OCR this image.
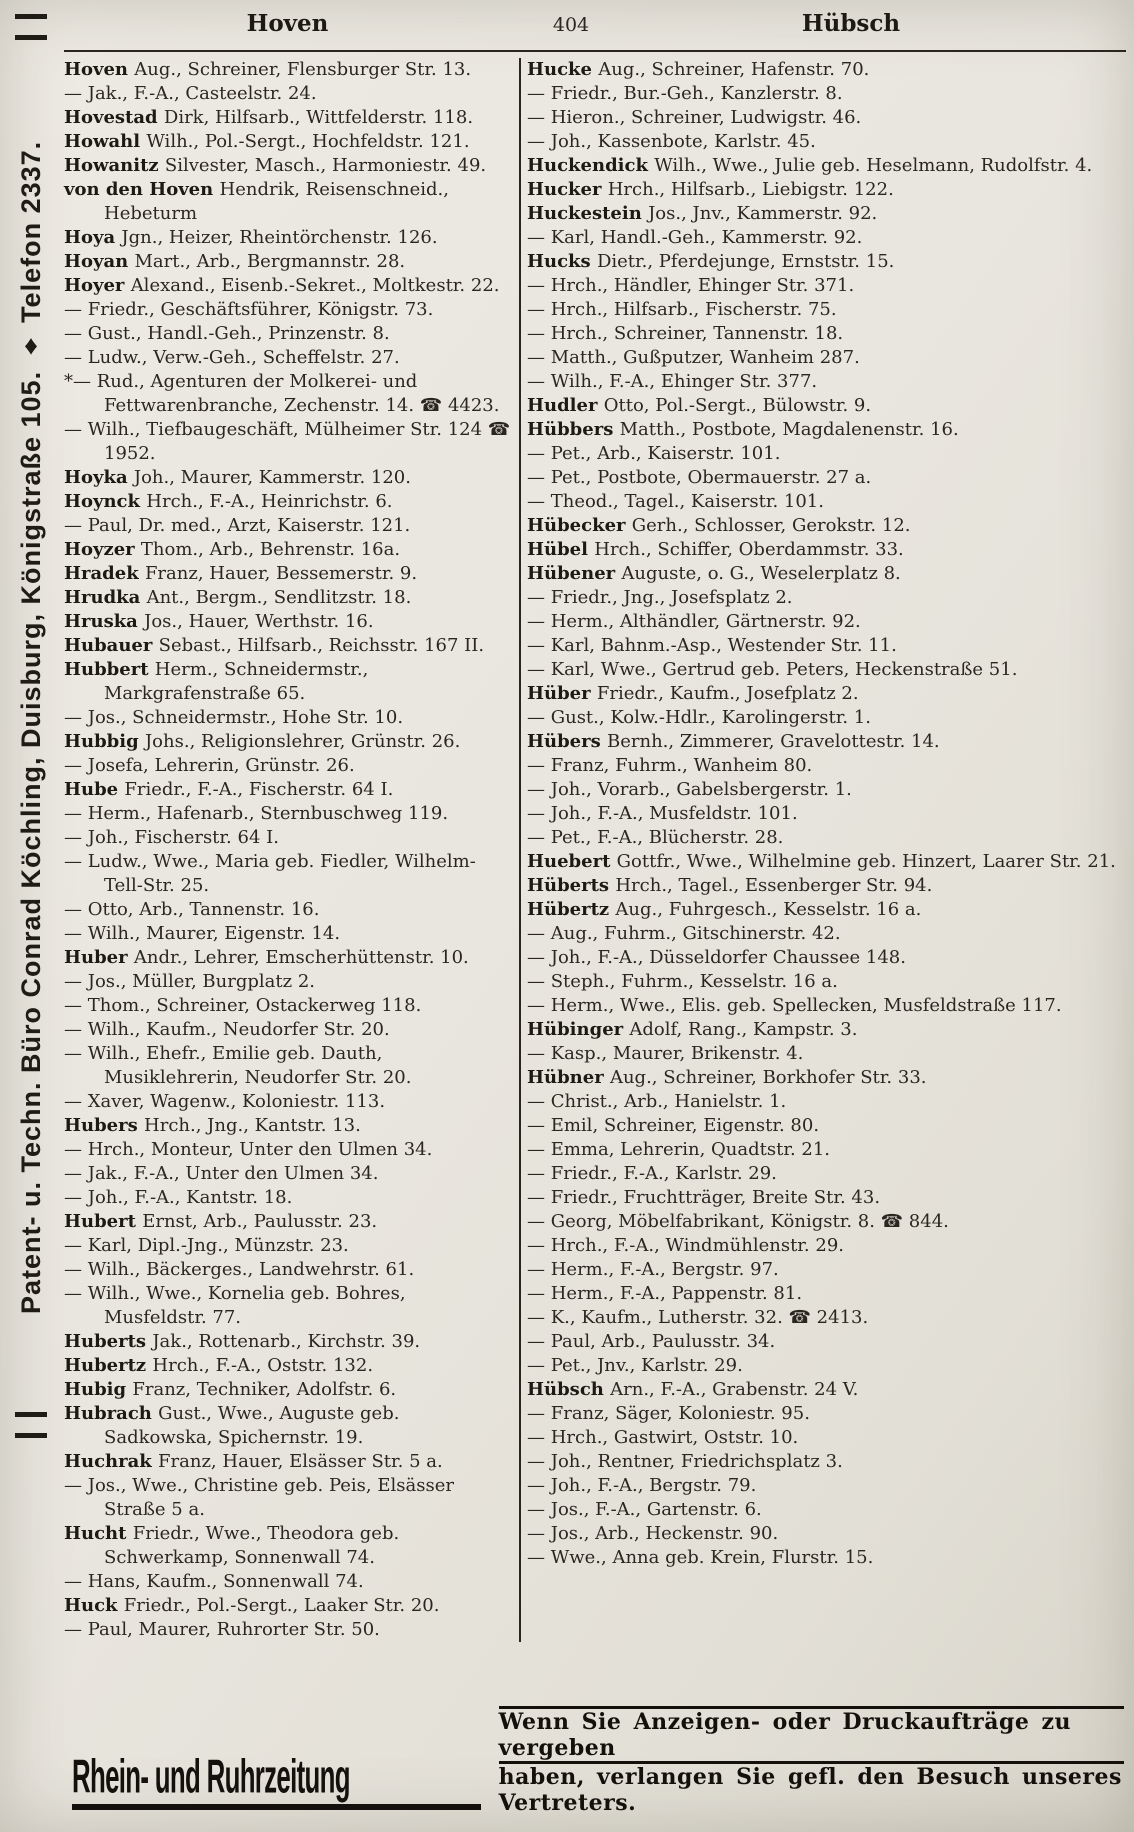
Patent- u. Techn. Büro Conrad Köchling, Duisburg, Königstraße 105. ♦ Telefon 2337.
Hoven	404	Hübsch
Hoven Aug., Schreiner, Flensburger Str. 13.
— Jak., F.-A., Casteelstr. 24.
Hovestad Dirk, Hilfsarb., Wittfelderstr. 118.
Howahl Wilh., Pol.-Sergt., Hochfeldstr. 121.
Howanitz Silvester, Masch., Harmoniestr. 49.
von den Hoven Hendrik, Reisenschneid., Hebeturm
Hoya Jgn., Heizer, Rheintörchenstr. 126.
Hoyan Mart., Arb., Bergmannstr. 28.
Hoyer Alexand., Eisenb.-Sekret., Moltkestr. 22.
— Friedr., Geschäftsführer, Königstr. 73.
— Gust., Handl.-Geh., Prinzenstr. 8.
— Ludw., Verw.-Geh., Scheffelstr. 27.
*— Rud., Agenturen der Molkerei- und Fettwarenbranche, Zechenstr. 14. ☎ 4423.
— Wilh., Tiefbaugeschäft, Mülheimer Str. 124 ☎ 1952.
Hoyka Joh., Maurer, Kammerstr. 120.
Hoynck Hrch., F.-A., Heinrichstr. 6.
— Paul, Dr. med., Arzt, Kaiserstr. 121.
Hoyzer Thom., Arb., Behrenstr. 16a.
Hradek Franz, Hauer, Bessemerstr. 9.
Hrudka Ant., Bergm., Sendlitzstr. 18.
Hruska Jos., Hauer, Werthstr. 16.
Hubauer Sebast., Hilfsarb., Reichsstr. 167 II.
Hubbert Herm., Schneidermstr., Markgrafenstraße 65.
— Jos., Schneidermstr., Hohe Str. 10.
Hubbig Johs., Religionslehrer, Grünstr. 26.
— Josefa, Lehrerin, Grünstr. 26.
Hube Friedr., F.-A., Fischerstr. 64 I.
— Herm., Hafenarb., Sternbuschweg 119.
— Joh., Fischerstr. 64 I.
— Ludw., Wwe., Maria geb. Fiedler, Wilhelm-Tell-Str. 25.
— Otto, Arb., Tannenstr. 16.
— Wilh., Maurer, Eigenstr. 14.
Huber Andr., Lehrer, Emscherhüttenstr. 10.
— Jos., Müller, Burgplatz 2.
— Thom., Schreiner, Ostackerweg 118.
— Wilh., Kaufm., Neudorfer Str. 20.
— Wilh., Ehefr., Emilie geb. Dauth, Musiklehrerin, Neudorfer Str. 20.
— Xaver, Wagenw., Koloniestr. 113.
Hubers Hrch., Jng., Kantstr. 13.
— Hrch., Monteur, Unter den Ulmen 34.
— Jak., F.-A., Unter den Ulmen 34.
— Joh., F.-A., Kantstr. 18.
Hubert Ernst, Arb., Paulusstr. 23.
— Karl, Dipl.-Jng., Münzstr. 23.
— Wilh., Bäckerges., Landwehrstr. 61.
— Wilh., Wwe., Kornelia geb. Bohres, Musfeldstr. 77.
Huberts Jak., Rottenarb., Kirchstr. 39.
Hubertz Hrch., F.-A., Oststr. 132.
Hubig Franz, Techniker, Adolfstr. 6.
Hubrach Gust., Wwe., Auguste geb. Sadkowska, Spichernstr. 19.
Huchrak Franz, Hauer, Elsässer Str. 5 a.
— Jos., Wwe., Christine geb. Peis, Elsässer Straße 5 a.
Hucht Friedr., Wwe., Theodora geb. Schwerkamp, Sonnenwall 74.
— Hans, Kaufm., Sonnenwall 74.
Huck Friedr., Pol.-Sergt., Laaker Str. 20.
— Paul, Maurer, Ruhrorter Str. 50.
Hucke Aug., Schreiner, Hafenstr. 70.
— Friedr., Bur.-Geh., Kanzlerstr. 8.
— Hieron., Schreiner, Ludwigstr. 46.
— Joh., Kassenbote, Karlstr. 45.
Huckendick Wilh., Wwe., Julie geb. Heselmann, Rudolfstr. 4.
Hucker Hrch., Hilfsarb., Liebigstr. 122.
Huckestein Jos., Jnv., Kammerstr. 92.
— Karl, Handl.-Geh., Kammerstr. 92.
Hucks Dietr., Pferdejunge, Ernststr. 15.
— Hrch., Händler, Ehinger Str. 371.
— Hrch., Hilfsarb., Fischerstr. 75.
— Hrch., Schreiner, Tannenstr. 18.
— Matth., Gußputzer, Wanheim 287.
— Wilh., F.-A., Ehinger Str. 377.
Hudler Otto, Pol.-Sergt., Bülowstr. 9.
Hübbers Matth., Postbote, Magdalenenstr. 16.
— Pet., Arb., Kaiserstr. 101.
— Pet., Postbote, Obermauerstr. 27 a.
— Theod., Tagel., Kaiserstr. 101.
Hübecker Gerh., Schlosser, Gerokstr. 12.
Hübel Hrch., Schiffer, Oberdammstr. 33.
Hübener Auguste, o. G., Weselerplatz 8.
— Friedr., Jng., Josefsplatz 2.
— Herm., Althändler, Gärtnerstr. 92.
— Karl, Bahnm.-Asp., Westender Str. 11.
— Karl, Wwe., Gertrud geb. Peters, Heckenstraße 51.
Hüber Friedr., Kaufm., Josefplatz 2.
— Gust., Kolw.-Hdlr., Karolingerstr. 1.
Hübers Bernh., Zimmerer, Gravelottestr. 14.
— Franz, Fuhrm., Wanheim 80.
— Joh., Vorarb., Gabelsbergerstr. 1.
— Joh., F.-A., Musfeldstr. 101.
— Pet., F.-A., Blücherstr. 28.
Huebert Gottfr., Wwe., Wilhelmine geb. Hinzert, Laarer Str. 21.
Hüberts Hrch., Tagel., Essenberger Str. 94.
Hübertz Aug., Fuhrgesch., Kesselstr. 16 a.
— Aug., Fuhrm., Gitschinerstr. 42.
— Joh., F.-A., Düsseldorfer Chaussee 148.
— Steph., Fuhrm., Kesselstr. 16 a.
— Herm., Wwe., Elis. geb. Spellecken, Musfeldstraße 117.
Hübinger Adolf, Rang., Kampstr. 3.
— Kasp., Maurer, Brikenstr. 4.
Hübner Aug., Schreiner, Borkhofer Str. 33.
— Christ., Arb., Hanielstr. 1.
— Emil, Schreiner, Eigenstr. 80.
— Emma, Lehrerin, Quadtstr. 21.
— Friedr., F.-A., Karlstr. 29.
— Friedr., Fruchtträger, Breite Str. 43.
— Georg, Möbelfabrikant, Königstr. 8. ☎ 844.
— Hrch., F.-A., Windmühlenstr. 29.
— Herm., F.-A., Bergstr. 97.
— Herm., F.-A., Pappenstr. 81.
— K., Kaufm., Lutherstr. 32. ☎ 2413.
— Paul, Arb., Paulusstr. 34.
— Pet., Jnv., Karlstr. 29.
Hübsch Arn., F.-A., Grabenstr. 24 V.
— Franz, Säger, Koloniestr. 95.
— Hrch., Gastwirt, Oststr. 10.
— Joh., Rentner, Friedrichsplatz 3.
— Joh., F.-A., Bergstr. 79.
— Jos., F.-A., Gartenstr. 6.
— Jos., Arb., Heckenstr. 90.
— Wwe., Anna geb. Krein, Flurstr. 15.
Rhein- und Ruhrzeitung
Wenn Sie Anzeigen- oder Druckaufträge zu vergeben
haben, verlangen Sie gefl. den Besuch unseres Vertreters.
